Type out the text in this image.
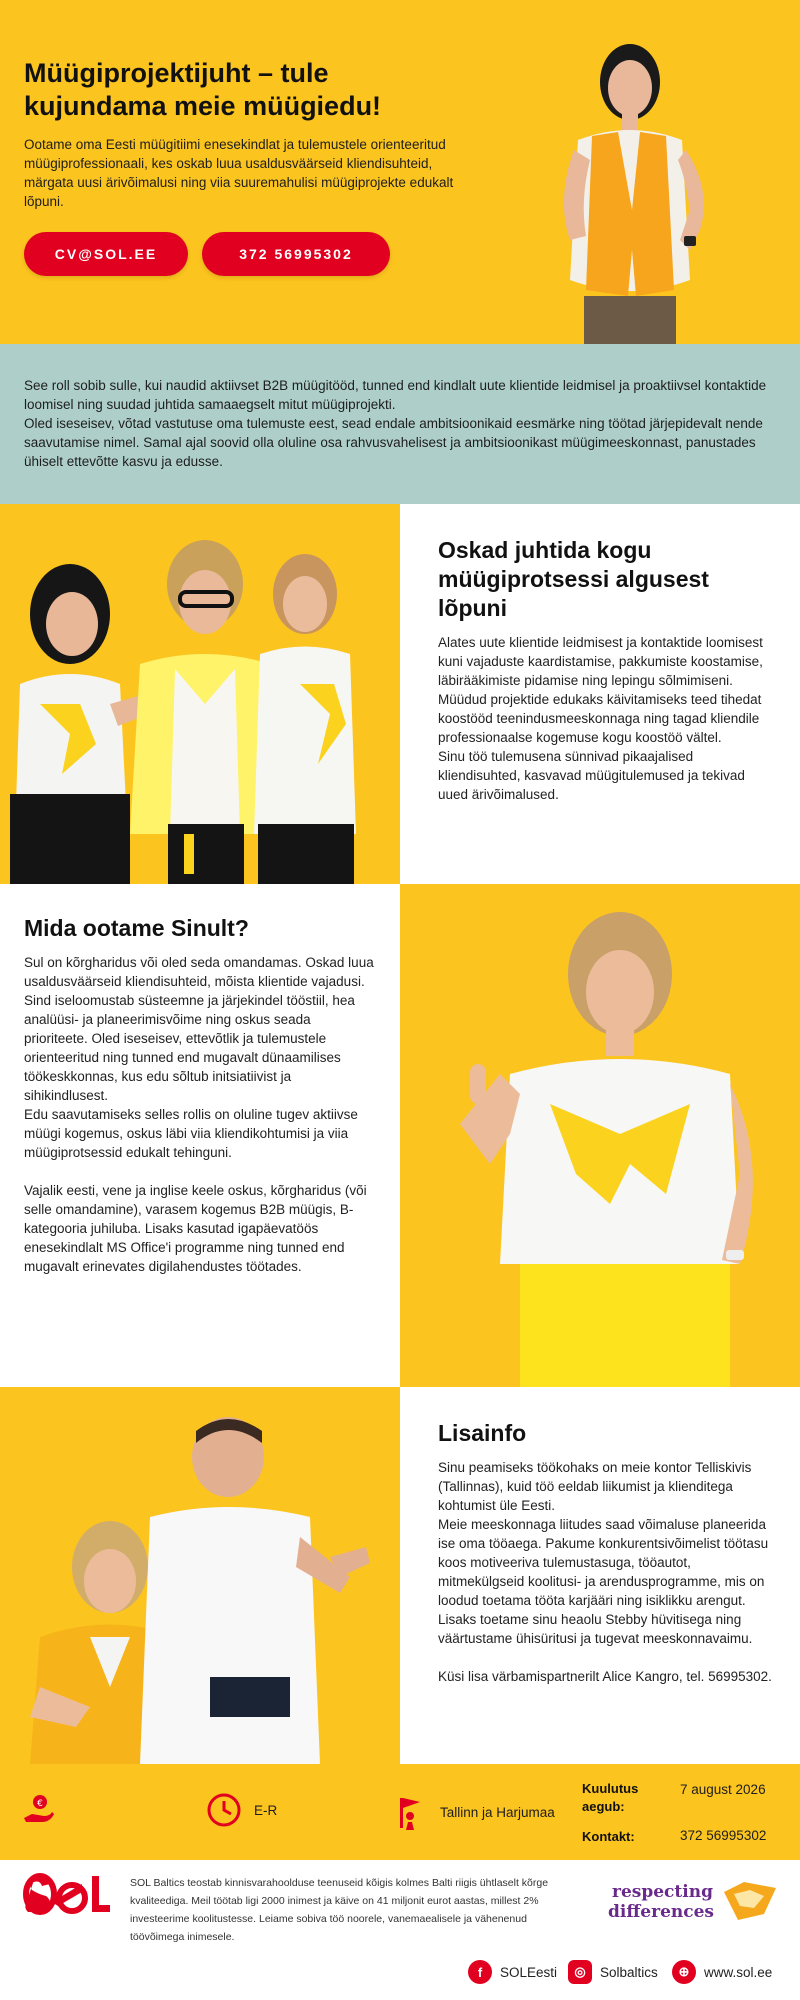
Müügiprojektijuht – tule kujundama meie müügiedu!

Ootame oma Eesti müügitiimi enesekindlat ja tulemustele orienteeritud müügiprofessionaali, kes oskab luua usaldusväärseid kliendisuhteid, märgata uusi ärivõimalusi ning viia suuremahulisi müügiprojekte edukalt lõpuni.

CV@SOL.EE	372 56995302

See roll sobib sulle, kui naudid aktiivset B2B müügitööd, tunned end kindlalt uute klientide leidmisel ja proaktiivsel kontaktide loomisel ning suudad juhtida samaaegselt mitut müügiprojekti.
Oled iseseisev, võtad vastutuse oma tulemuste eest, sead endale ambitsioonikaid eesmärke ning töötad järjepidevalt nende saavutamise nimel. Samal ajal soovid olla oluline osa rahvusvahelisest ja ambitsioonikast müügimeeskonnast, panustades ühiselt ettevõtte kasvu ja edusse.

Oskad juhtida kogu müügiprotsessi algusest lõpuni

Alates uute klientide leidmisest ja kontaktide loomisest kuni vajaduste kaardistamise, pakkumiste koostamise, läbirääkimiste pidamise ning lepingu sõlmimiseni.
Müüdud projektide edukaks käivitamiseks teed tihedat koostööd teenindusmeeskonnaga ning tagad kliendile professionaalse kogemuse kogu koostöö vältel.
Sinu töö tulemusena sünnivad pikaajalised kliendisuhted, kasvavad müügitulemused ja tekivad uued ärivõimalused.

Mida ootame Sinult?

Sul on kõrgharidus või oled seda omandamas. Oskad luua usaldusväärseid kliendisuhteid, mõista klientide vajadusi.
Sind iseloomustab süsteemne ja järjekindel tööstiil, hea analüüsi- ja planeerimisvõime ning oskus seada prioriteete. Oled iseseisev, ettevõtlik ja tulemustele orienteeritud ning tunned end mugavalt dünaamilises töökeskkonnas, kus edu sõltub initsiatiivist ja sihikindlusest.
Edu saavutamiseks selles rollis on oluline tugev aktiivse müügi kogemus, oskus läbi viia kliendikohtumisi ja viia müügiprotsessid edukalt tehinguni.

Vajalik eesti, vene ja inglise keele oskus, kõrgharidus (või selle omandamine), varasem kogemus B2B müügis, B-kategooria juhiluba. Lisaks kasutad igapäevatöös enesekindlalt MS Office'i programme ning tunned end mugavalt erinevates digilahendustes töötades.

Lisainfo

Sinu peamiseks töökohaks on meie kontor Telliskivis (Tallinnas), kuid töö eeldab liikumist ja klienditega kohtumist üle Eesti.
Meie meeskonnaga liitudes saad võimaluse planeerida ise oma tööaega. Pakume konkurentsivõimelist töötasu koos motiveeriva tulemustasuga, tööautot, mitmekülgseid koolitusi- ja arendusprogramme, mis on loodud toetama tööta karjääri ning isiklikku arengut. Lisaks toetame sinu heaolu Stebby hüvitisega ning väärtustame ühisüritusi ja tugevat meeskonnavaimu.

Küsi lisa värbamispartnerilt Alice Kangro, tel. 56995302.

€	E-R	Tallinn ja Harjumaa
Kuulutus aegub:
7 august 2026
Kontakt:	372 56995302

SOL Baltics teostab kinnisvarahoolduse teenuseid kõigis kolmes Balti riigis ühtlaselt kõrge kvaliteediga. Meil töötab ligi 2000 inimest ja käive on 41 miljonit eurot aastas, millest 2% investeerime koolitustesse. Leiame sobiva töö noorele, vanemaealisele ja vähenenud töövõimega inimesele.

respecting
differences
f	SOLEesti	◎	Solbaltics	⊕	www.sol.ee
